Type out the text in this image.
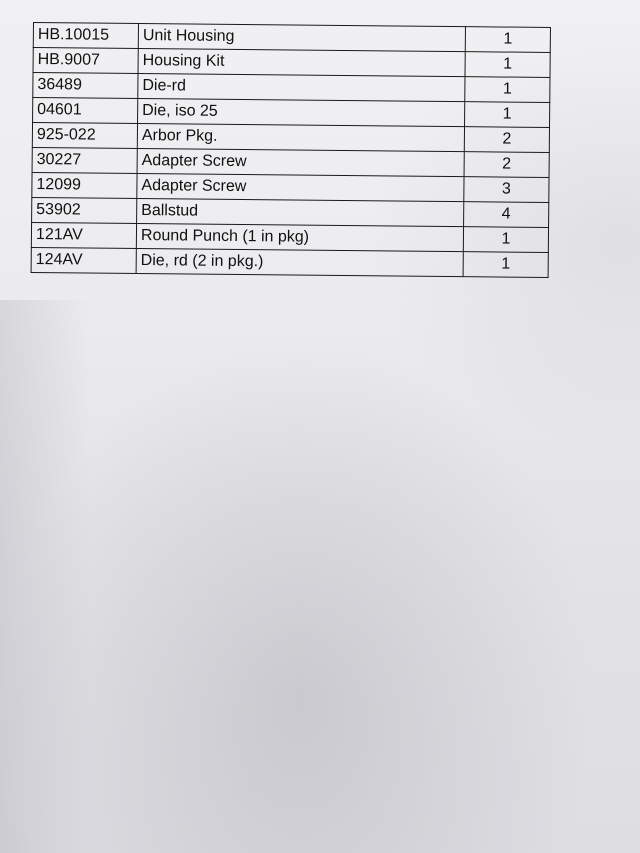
HB.10015	Unit Housing	1
HB.9007	Housing Kit	1
36489	Die-rd	1
04601	Die, iso 25	1
925-022	Arbor Pkg.	2
30227	Adapter Screw	2
12099	Adapter Screw	3
53902	Ballstud	4
121AV	Round Punch (1 in pkg)	1
124AV	Die, rd (2 in pkg.)	1
